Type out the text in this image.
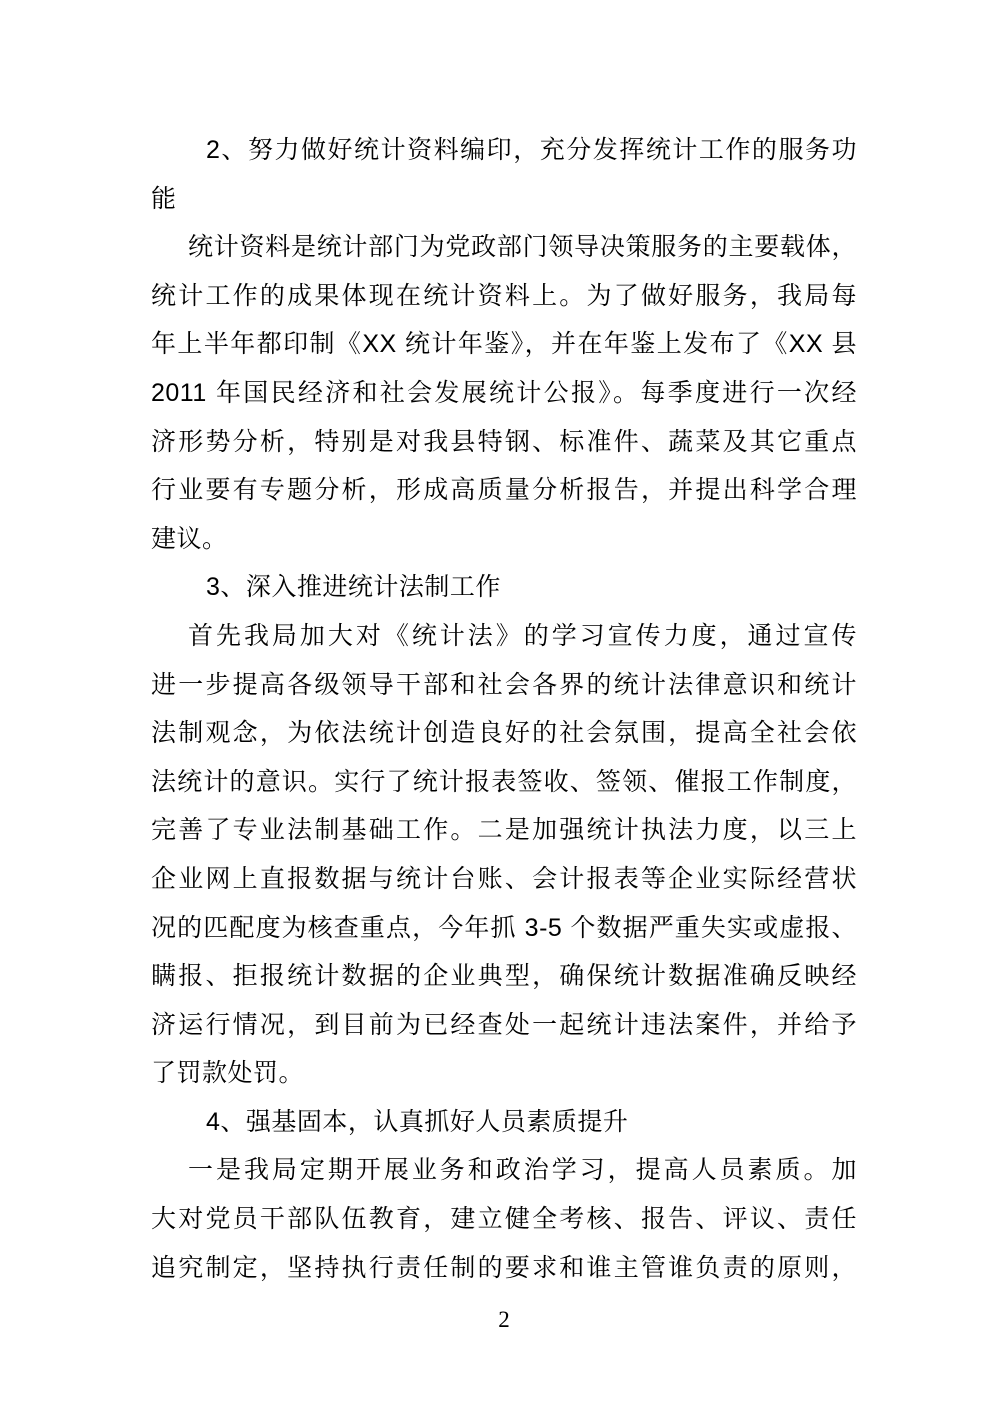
2、努力做好统计资料编印，充分发挥统计工作的服务功
能
统计资料是统计部门为党政部门领导决策服务的主要载体，
统计工作的成果体现在统计资料上。为了做好服务，我局每
年上半年都印制《XX 统计年鉴》，并在年鉴上发布了《XX 县
2011 年国民经济和社会发展统计公报》。每季度进行一次经
济形势分析，特别是对我县特钢、标准件、蔬菜及其它重点
行业要有专题分析，形成高质量分析报告，并提出科学合理
建议。
3、深入推进统计法制工作
首先我局加大对《统计法》的学习宣传力度，通过宣传
进一步提高各级领导干部和社会各界的统计法律意识和统计
法制观念，为依法统计创造良好的社会氛围，提高全社会依
法统计的意识。实行了统计报表签收、签领、催报工作制度，
完善了专业法制基础工作。二是加强统计执法力度，以三上
企业网上直报数据与统计台账、会计报表等企业实际经营状
况的匹配度为核查重点，今年抓 3-5 个数据严重失实或虚报、
瞒报、拒报统计数据的企业典型，确保统计数据准确反映经
济运行情况，到目前为已经查处一起统计违法案件，并给予
了罚款处罚。
4、强基固本，认真抓好人员素质提升
一是我局定期开展业务和政治学习，提高人员素质。加
大对党员干部队伍教育，建立健全考核、报告、评议、责任
追究制定，坚持执行责任制的要求和谁主管谁负责的原则，
2
